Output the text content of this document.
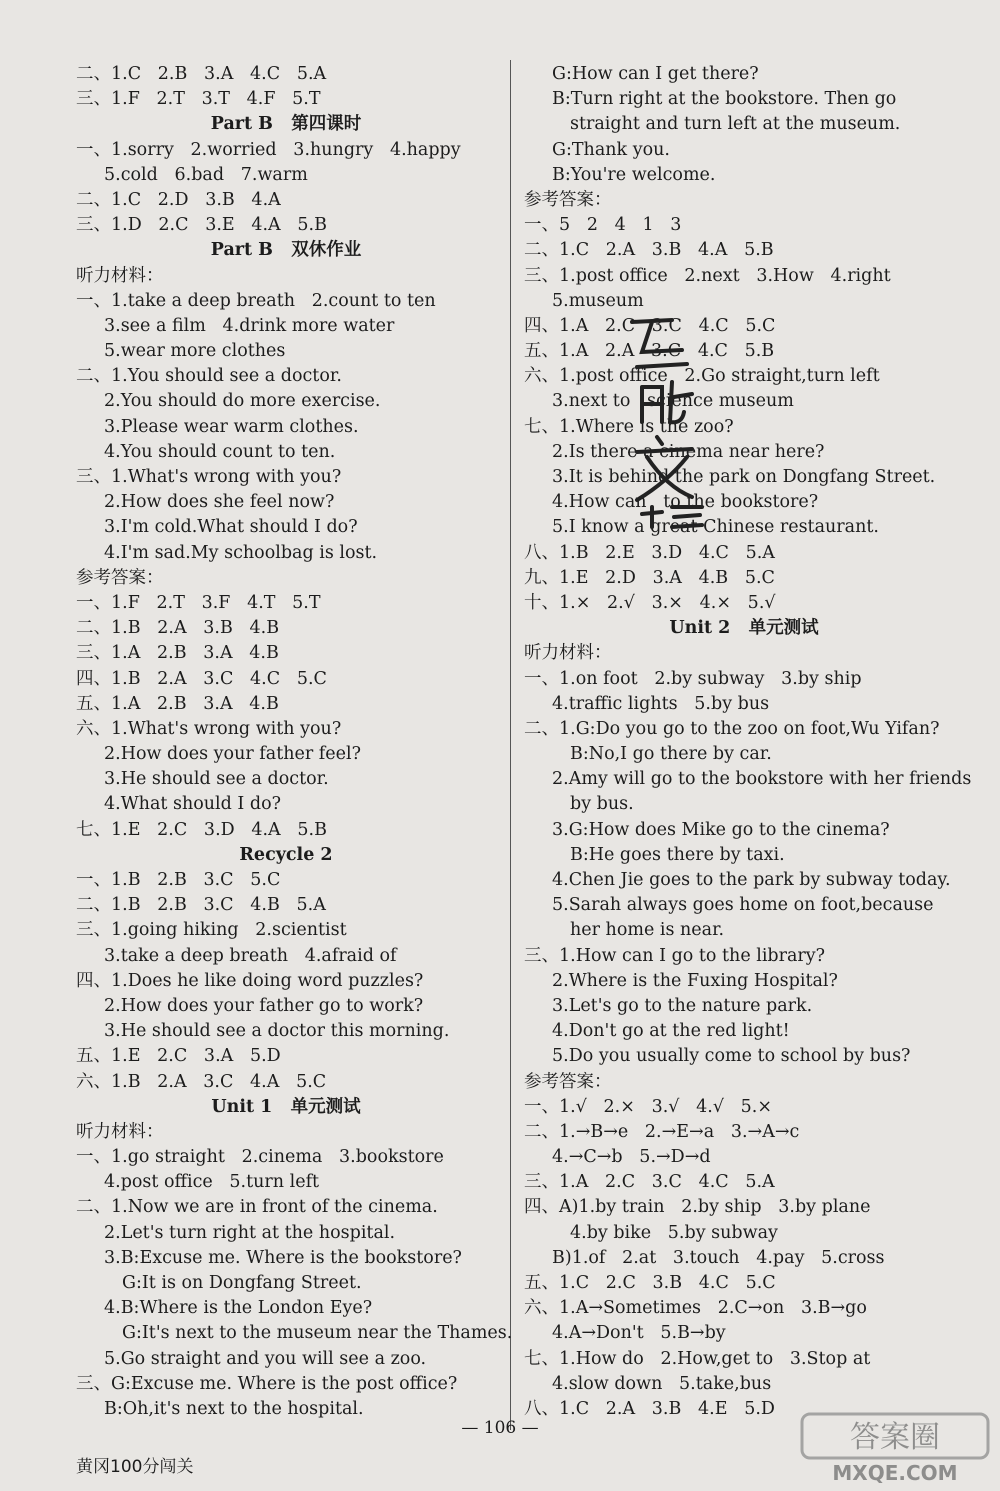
二、1.C   2.B   3.A   4.C   5.A
三、1.F   2.T   3.T   4.F   5.T
Part B   第四课时
一、1.sorry   2.worried   3.hungry   4.happy
5.cold   6.bad   7.warm
二、1.C   2.D   3.B   4.A
三、1.D   2.C   3.E   4.A   5.B
Part B   双休作业
听力材料：
一、1.take a deep breath   2.count to ten
3.see a film   4.drink more water
5.wear more clothes
二、1.You should see a doctor.
2.You should do more exercise.
3.Please wear warm clothes.
4.You should count to ten.
三、1.What's wrong with you?
2.How does she feel now?
3.I'm cold.What should I do?
4.I'm sad.My schoolbag is lost.
参考答案：
一、1.F   2.T   3.F   4.T   5.T
二、1.B   2.A   3.B   4.B
三、1.A   2.B   3.A   4.B
四、1.B   2.A   3.C   4.C   5.C
五、1.A   2.B   3.A   4.B
六、1.What's wrong with you?
2.How does your father feel?
3.He should see a doctor.
4.What should I do?
七、1.E   2.C   3.D   4.A   5.B
Recycle 2
一、1.B   2.B   3.C   5.C
二、1.B   2.B   3.C   4.B   5.A
三、1.going hiking   2.scientist
3.take a deep breath   4.afraid of
四、1.Does he like doing word puzzles?
2.How does your father go to work?
3.He should see a doctor this morning.
五、1.E   2.C   3.A   5.D
六、1.B   2.A   3.C   4.A   5.C
Unit 1   单元测试
听力材料：
一、1.go straight   2.cinema   3.bookstore
4.post office   5.turn left
二、1.Now we are in front of the cinema.
2.Let's turn right at the hospital.
3.B:Excuse me. Where is the bookstore?
G:It is on Dongfang Street.
4.B:Where is the London Eye?
G:It's next to the museum near the Thames.
5.Go straight and you will see a zoo.
三、G:Excuse me. Where is the post office?
B:Oh,it's next to the hospital.
G:How can I get there?
B:Turn right at the bookstore. Then go
straight and turn left at the museum.
G:Thank you.
B:You're welcome.
参考答案：
一、5   2   4   1   3
二、1.C   2.A   3.B   4.A   5.B
三、1.post office   2.next   3.How   4.right
5.museum
四、1.A   2.C   3.C   4.C   5.C
五、1.A   2.A   3.C   4.C   5.B
六、1.post office   2.Go straight,turn left
3.next to   science museum
七、1.Where is the zoo?
2.Is there a cinema near here?
3.It is behind the park on Dongfang Street.
4.How can   to the bookstore?
5.I know a great Chinese restaurant.
八、1.B   2.E   3.D   4.C   5.A
九、1.E   2.D   3.A   4.B   5.C
十、1.×   2.√   3.×   4.×   5.√
Unit 2   单元测试
听力材料：
一、1.on foot   2.by subway   3.by ship
4.traffic lights   5.by bus
二、1.G:Do you go to the zoo on foot,Wu Yifan?
B:No,I go there by car.
2.Amy will go to the bookstore with her friends
by bus.
3.G:How does Mike go to the cinema?
B:He goes there by taxi.
4.Chen Jie goes to the park by subway today.
5.Sarah always goes home on foot,because
her home is near.
三、1.How can I go to the library?
2.Where is the Fuxing Hospital?
3.Let's go to the nature park.
4.Don't go at the red light!
5.Do you usually come to school by bus?
参考答案：
一、1.√   2.×   3.√   4.√   5.×
二、1.→B→e   2.→E→a   3.→A→c
4.→C→b   5.→D→d
三、1.A   2.C   3.C   4.C   5.A
四、A)1.by train   2.by ship   3.by plane
4.by bike   5.by subway
B)1.of   2.at   3.touch   4.pay   5.cross
五、1.C   2.C   3.B   4.C   5.C
六、1.A→Sometimes   2.C→on   3.B→go
4.A→Don't   5.B→by
七、1.How do   2.How,get to   3.Stop at
4.slow down   5.take,bus
八、1.C   2.A   3.B   4.E   5.D
— 106 —
黄冈100分闯关
答案圈
MXQE.COM
